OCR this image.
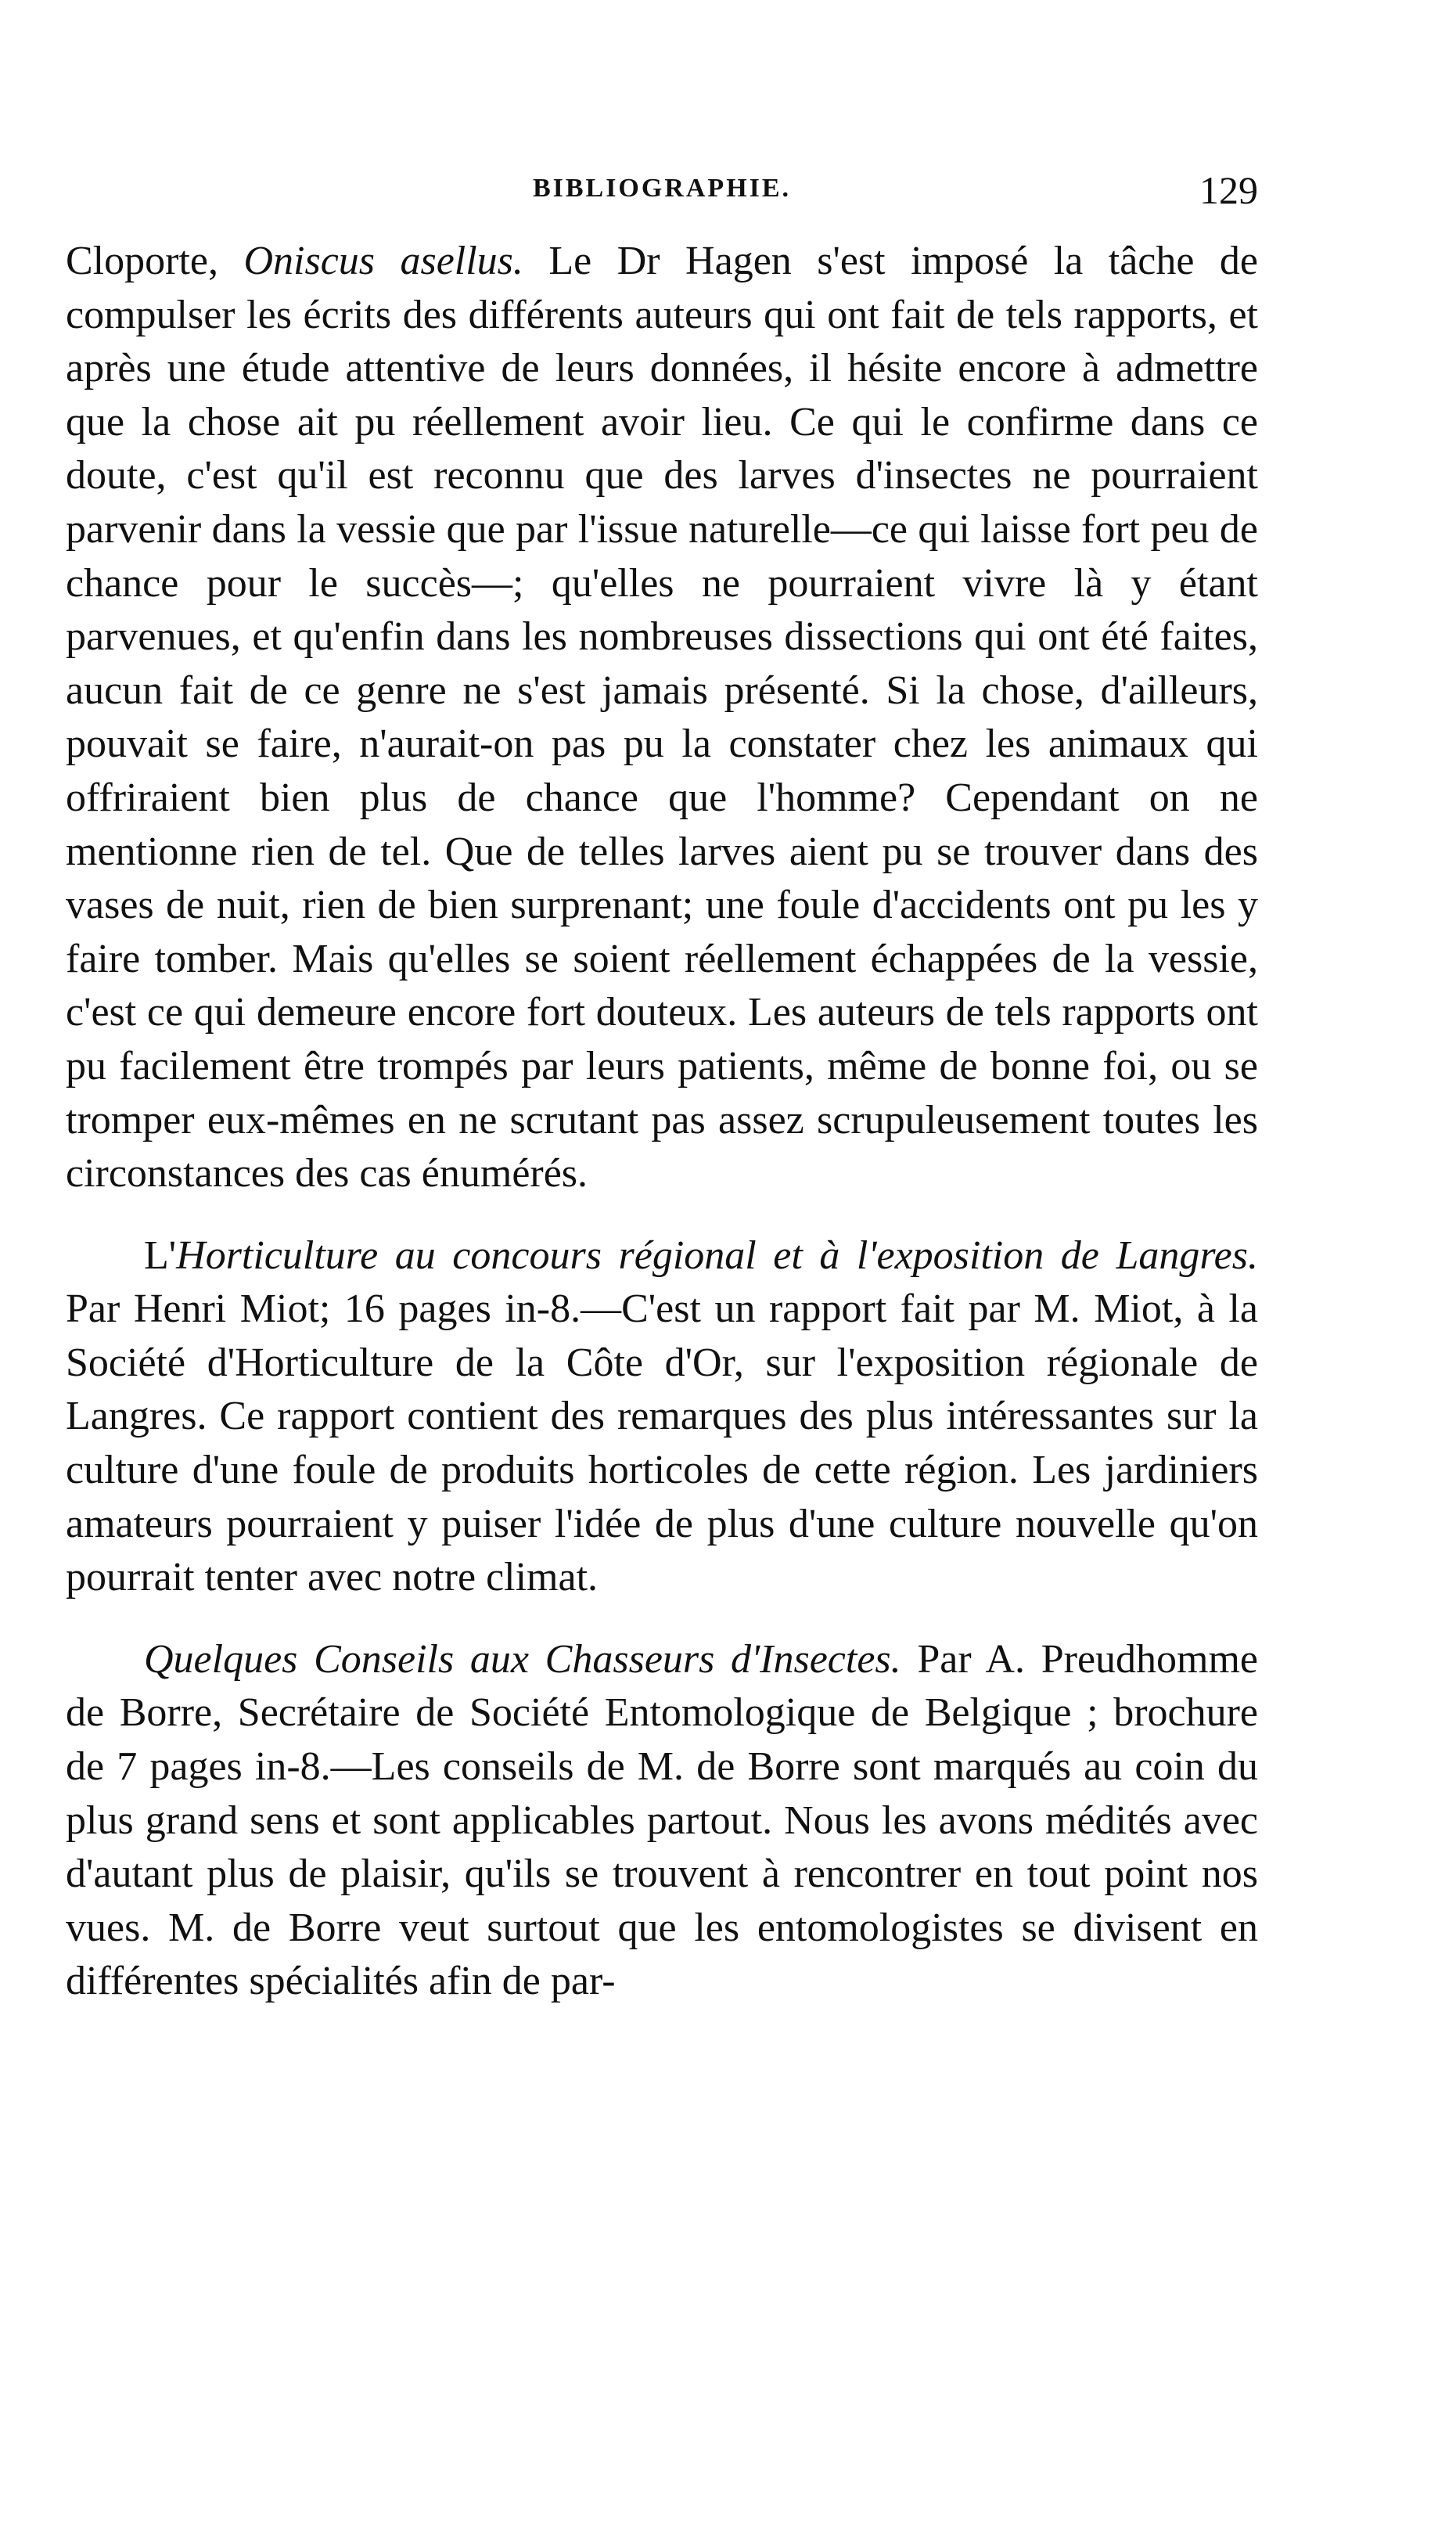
BIBLIOGRAPHIE.	129

Cloporte, Oniscus asellus. Le Dr Hagen s'est imposé la tâche de compulser les écrits des différents auteurs qui ont fait de tels rapports, et après une étude attentive de leurs données, il hésite encore à admettre que la chose ait pu réellement avoir lieu. Ce qui le confirme dans ce doute, c'est qu'il est reconnu que des larves d'insectes ne pourraient parvenir dans la vessie que par l'issue naturelle—ce qui laisse fort peu de chance pour le succès—; qu'elles ne pourraient vivre là y étant parvenues, et qu'enfin dans les nombreuses dissections qui ont été faites, aucun fait de ce genre ne s'est jamais présenté. Si la chose, d'ailleurs, pouvait se faire, n'aurait-on pas pu la constater chez les animaux qui offriraient bien plus de chance que l'homme? Cependant on ne mentionne rien de tel. Que de telles larves aient pu se trouver dans des vases de nuit, rien de bien surprenant; une foule d'accidents ont pu les y faire tomber. Mais qu'elles se soient réellement échappées de la vessie, c'est ce qui demeure encore fort douteux. Les auteurs de tels rapports ont pu facilement être trompés par leurs patients, même de bonne foi, ou se tromper eux-mêmes en ne scrutant pas assez scrupuleusement toutes les circonstances des cas énumérés.

L'Horticulture au concours régional et à l'exposition de Langres. Par Henri Miot; 16 pages in-8.—C'est un rapport fait par M. Miot, à la Société d'Horticulture de la Côte d'Or, sur l'exposition régionale de Langres. Ce rapport contient des remarques des plus intéressantes sur la culture d'une foule de produits horticoles de cette région. Les jardiniers amateurs pourraient y puiser l'idée de plus d'une culture nouvelle qu'on pourrait tenter avec notre climat.

Quelques Conseils aux Chasseurs d'Insectes. Par A. Preudhomme de Borre, Secrétaire de Société Entomologique de Belgique ; brochure de 7 pages in-8.—Les conseils de M. de Borre sont marqués au coin du plus grand sens et sont applicables partout. Nous les avons médités avec d'autant plus de plaisir, qu'ils se trouvent à rencontrer en tout point nos vues. M. de Borre veut surtout que les entomologistes se divisent en différentes spécialités afin de par-
